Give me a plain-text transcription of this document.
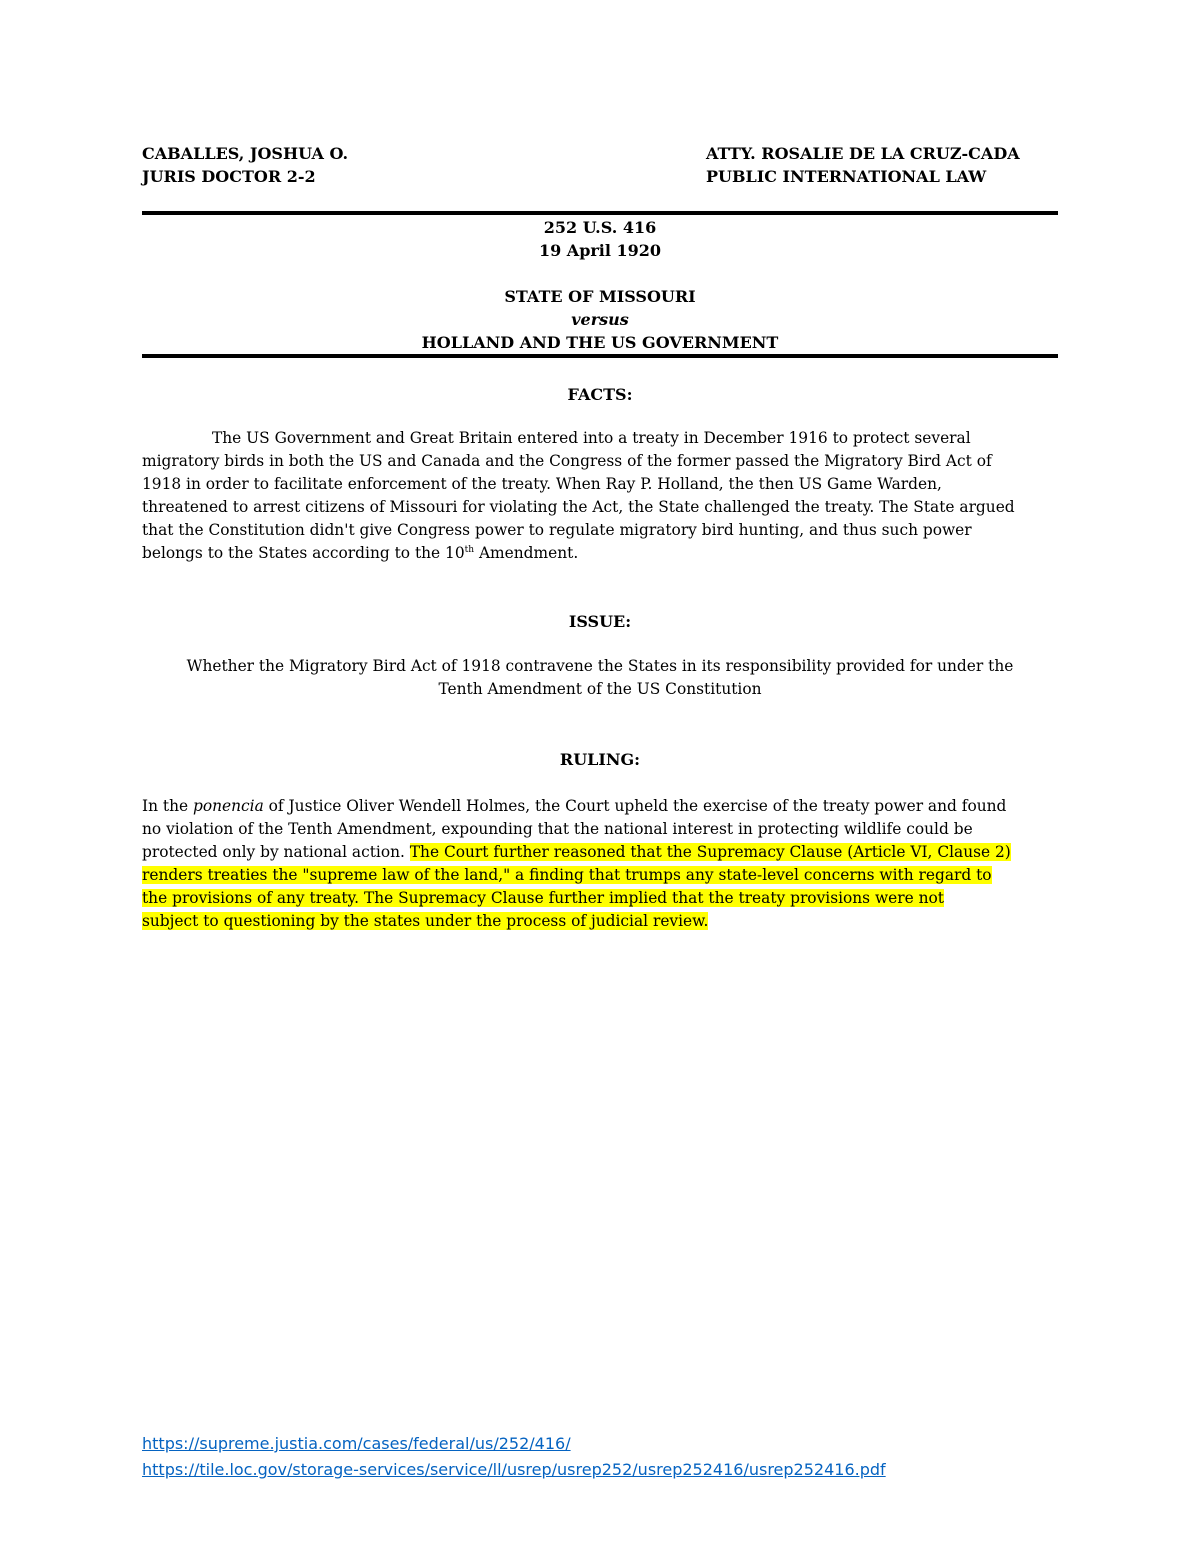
CABALLES, JOSHUA O.
JURIS DOCTOR 2-2
ATTY. ROSALIE DE LA CRUZ-CADA
PUBLIC INTERNATIONAL LAW
252 U.S. 416
19 April 1920
STATE OF MISSOURI
versus
HOLLAND AND THE US GOVERNMENT
FACTS:
The US Government and Great Britain entered into a treaty in December 1916 to protect several
migratory birds in both the US and Canada and the Congress of the former passed the Migratory Bird Act of
1918 in order to facilitate enforcement of the treaty. When Ray P. Holland, the then US Game Warden,
threatened to arrest citizens of Missouri for violating the Act, the State challenged the treaty. The State argued
that the Constitution didn't give Congress power to regulate migratory bird hunting, and thus such power
belongs to the States according to the 10th Amendment.
ISSUE:
Whether the Migratory Bird Act of 1918 contravene the States in its responsibility provided for under the
Tenth Amendment of the US Constitution
RULING:
In the ponencia of Justice Oliver Wendell Holmes, the Court upheld the exercise of the treaty power and found
no violation of the Tenth Amendment, expounding that the national interest in protecting wildlife could be
protected only by national action. The Court further reasoned that the Supremacy Clause (Article VI, Clause 2)
renders treaties the "supreme law of the land," a finding that trumps any state-level concerns with regard to
the provisions of any treaty. The Supremacy Clause further implied that the treaty provisions were not
subject to questioning by the states under the process of judicial review.
https://supreme.justia.com/cases/federal/us/252/416/
https://tile.loc.gov/storage-services/service/ll/usrep/usrep252/usrep252416/usrep252416.pdf
